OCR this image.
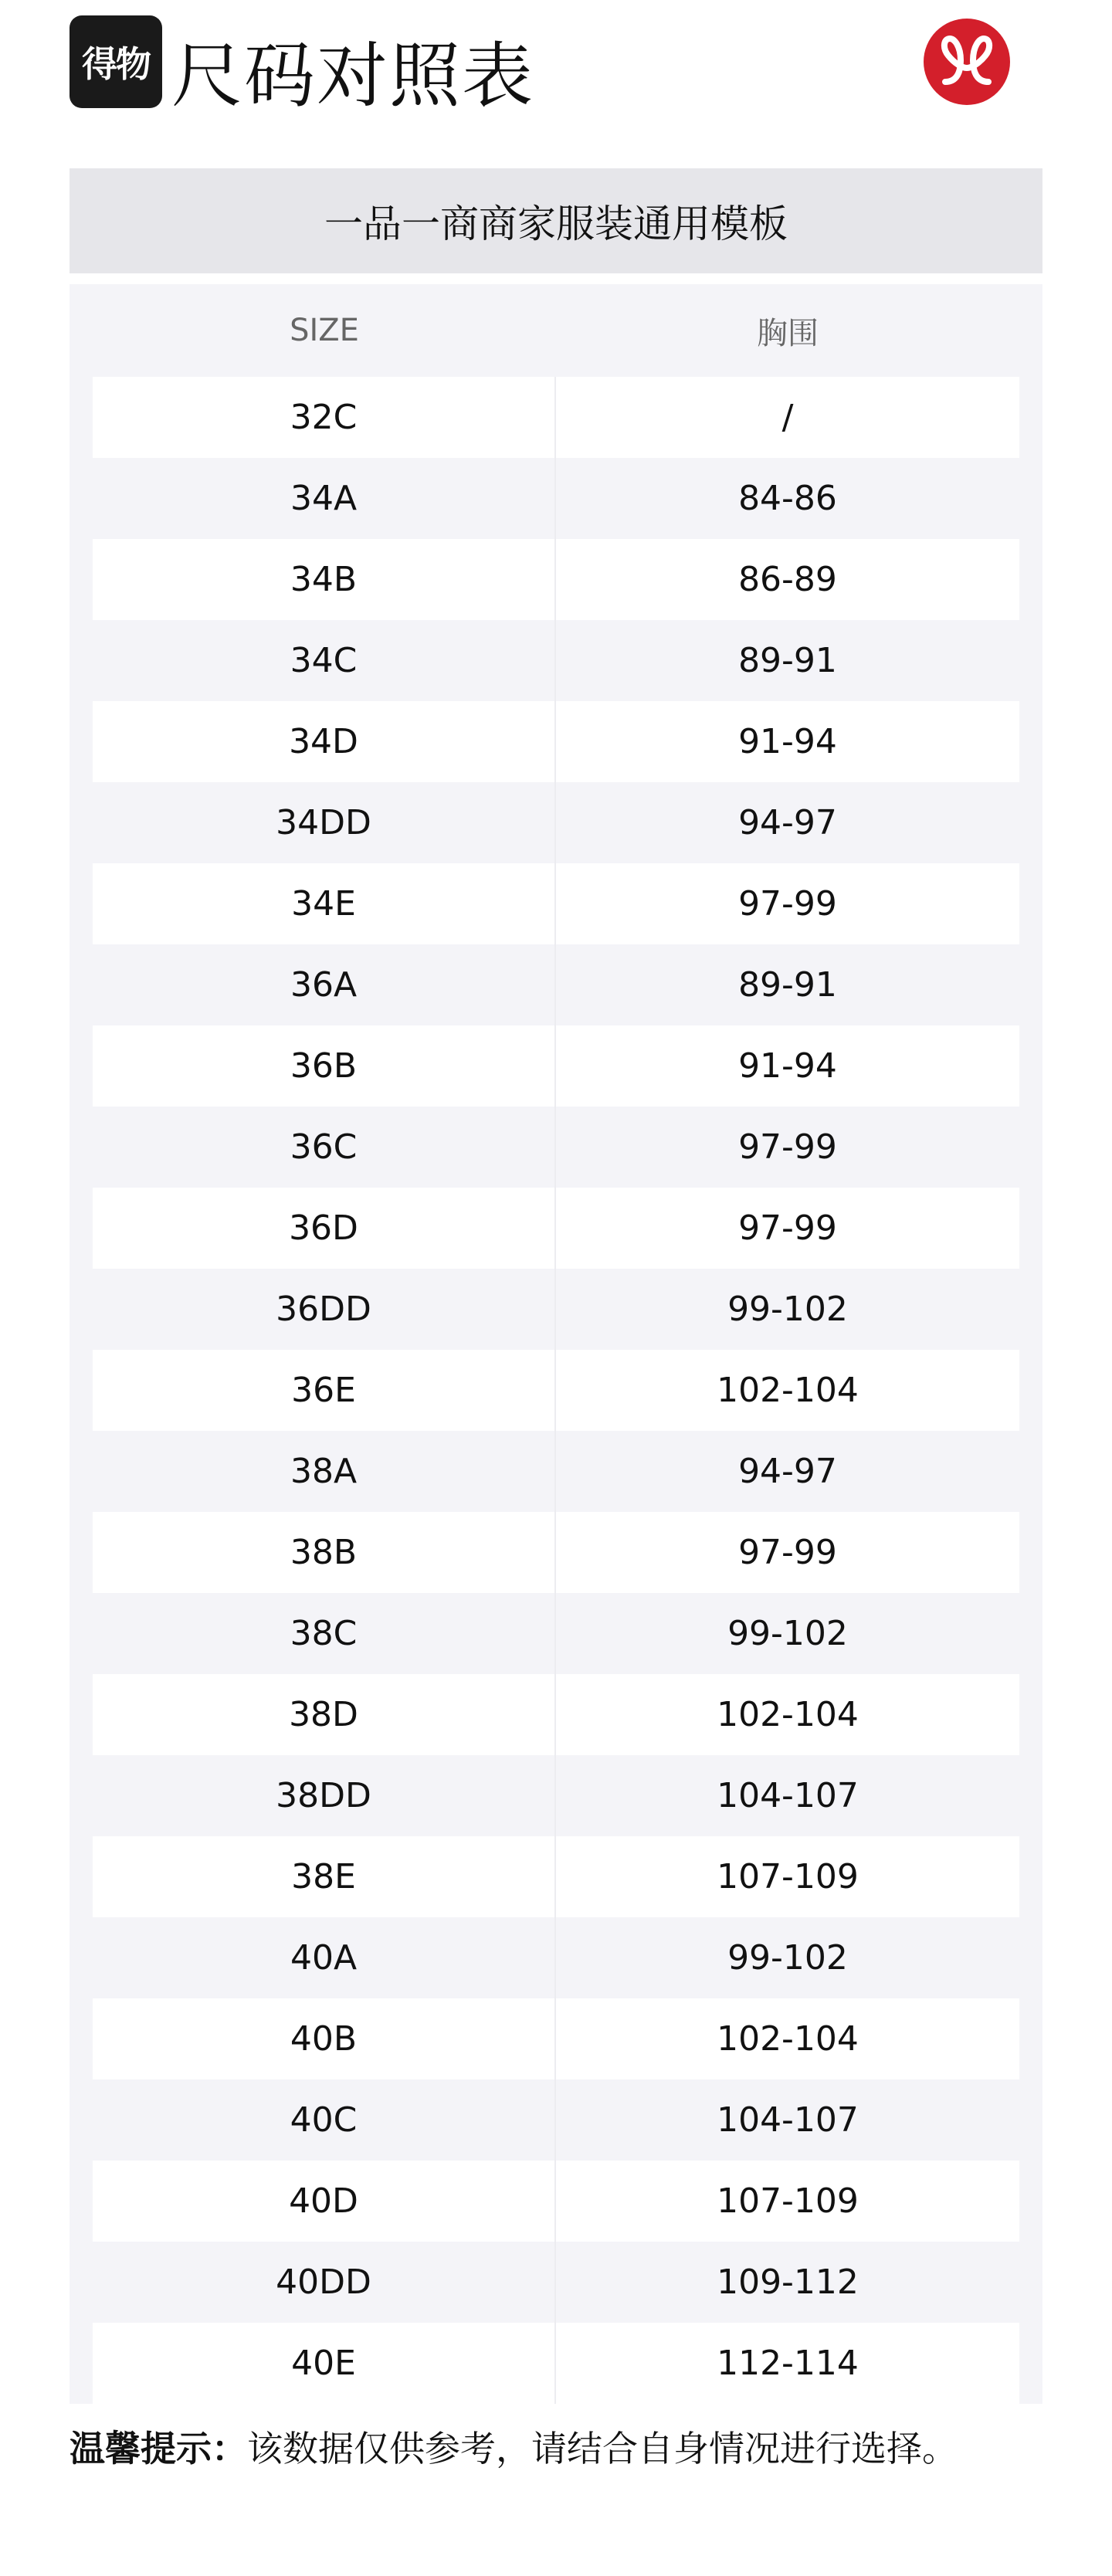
得物 尺码对照表
一品一商商家服装通用模板
SIZE	胸围
32C	/
34A	84-86
34B	86-89
34C	89-91
34D	91-94
34DD	94-97
34E	97-99
36A	89-91
36B	91-94
36C	97-99
36D	97-99
36DD	99-102
36E	102-104
38A	94-97
38B	97-99
38C	99-102
38D	102-104
38DD	104-107
38E	107-109
40A	99-102
40B	102-104
40C	104-107
40D	107-109
40DD	109-112
40E	112-114
温馨提示： 该数据仅供参考，请结合自身情况进行选择。
